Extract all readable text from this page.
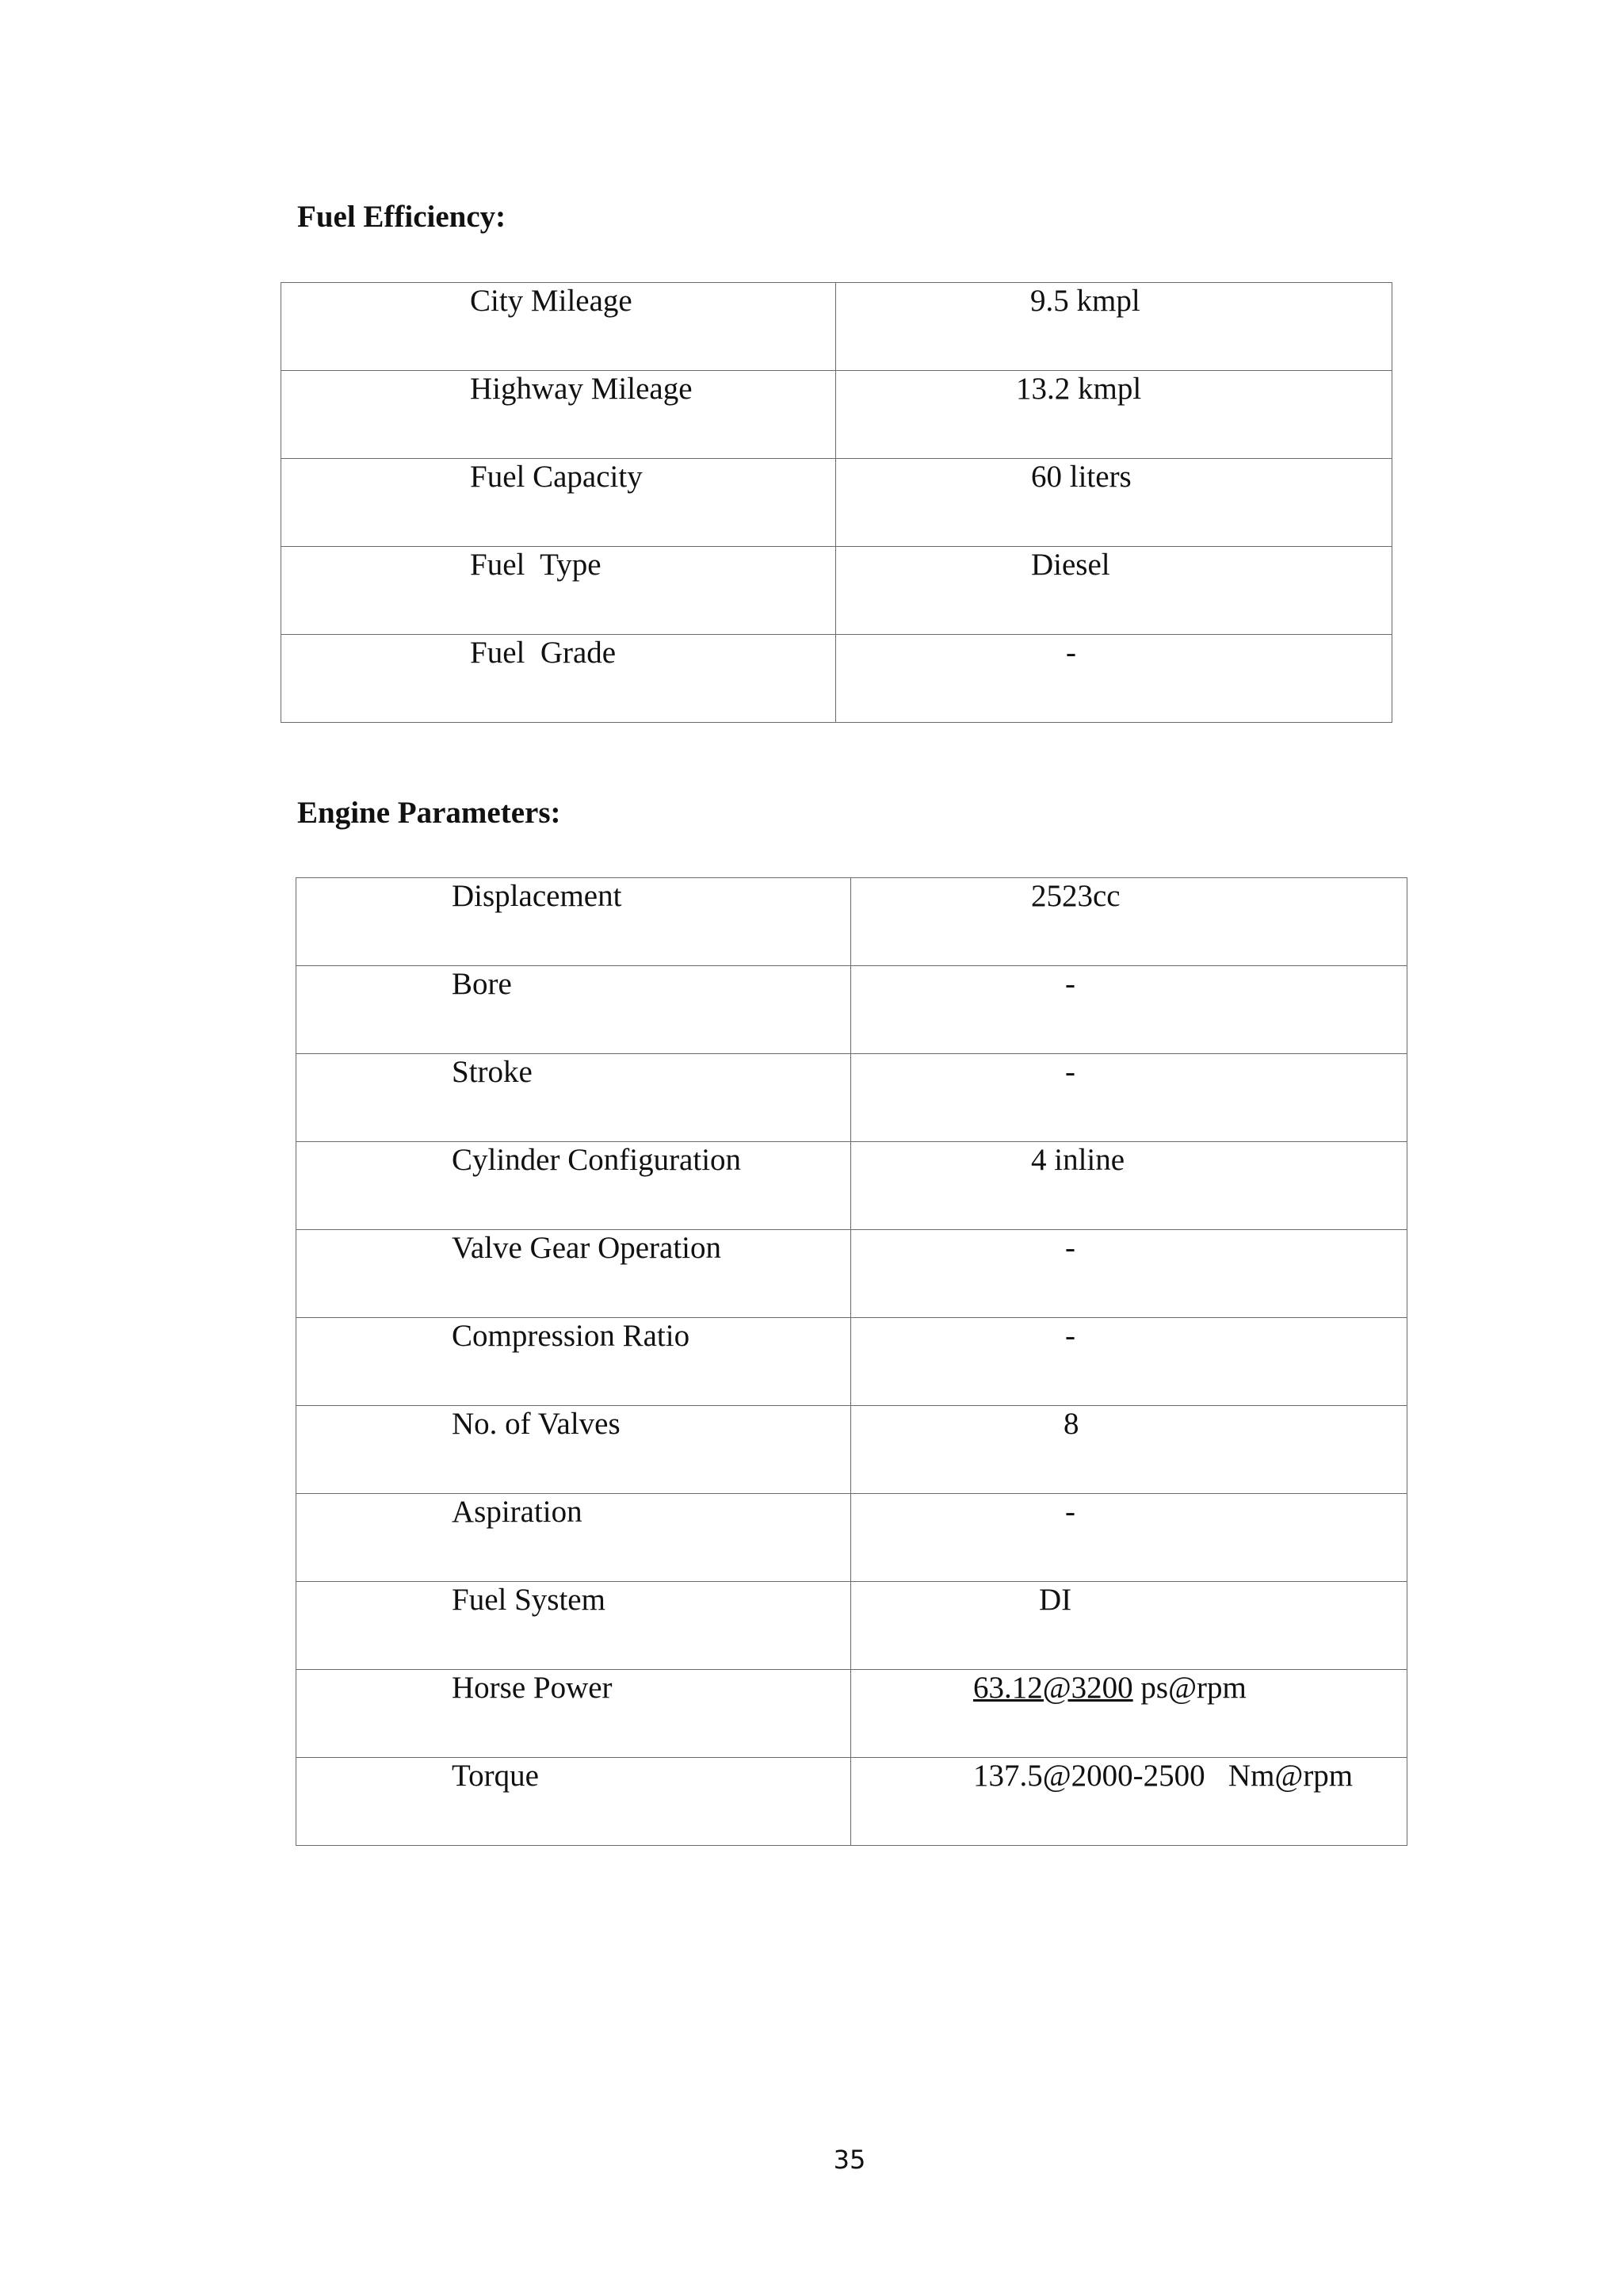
Fuel Efficiency:
City Mileage	9.5 kmpl
Highway Mileage	13.2 kmpl
Fuel Capacity	60 liters
Fuel  Type	Diesel
Fuel  Grade	-
Engine Parameters:
Displacement	2523cc
Bore	-
Stroke	-
Cylinder Configuration	4 inline
Valve Gear Operation	-
Compression Ratio	-
No. of Valves	8
Aspiration	-
Fuel System	DI
Horse Power	63.12@3200 ps@rpm
Torque	137.5@2000-2500   Nm@rpm
35
